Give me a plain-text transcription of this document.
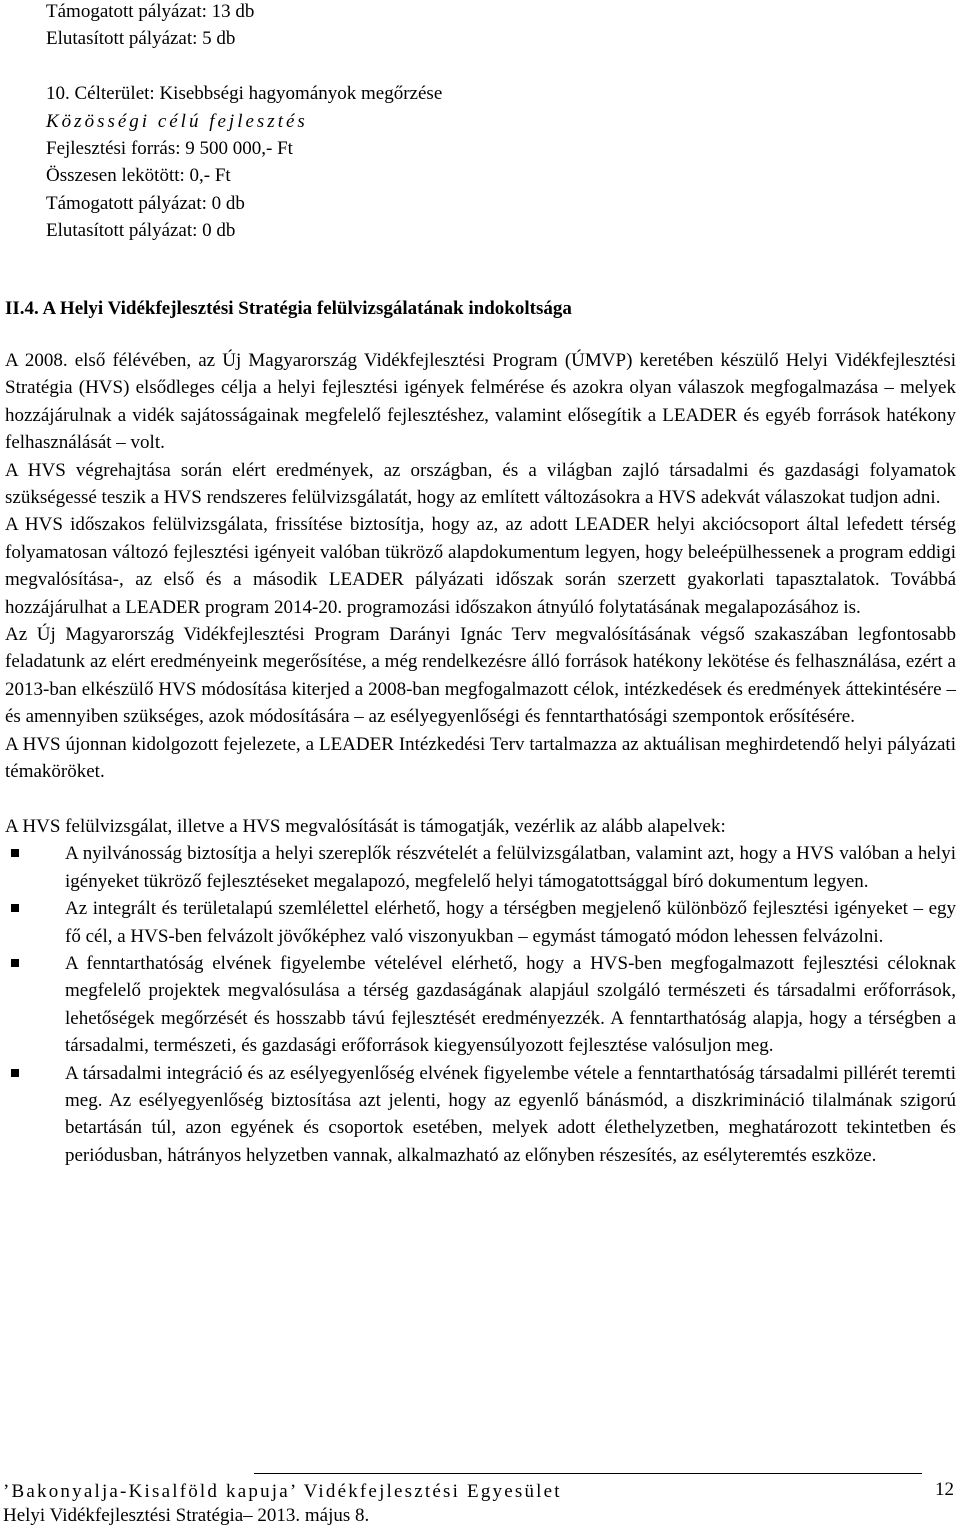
Támogatott pályázat: 13 db
Elutasított pályázat: 5 db
10. Célterület: Kisebbségi hagyományok megőrzése
Közösségi célú fejlesztés
Fejlesztési forrás: 9 500 000,- Ft
Összesen lekötött: 0,- Ft
Támogatott pályázat: 0 db
Elutasított pályázat: 0 db
II.4. A Helyi Vidékfejlesztési Stratégia felülvizsgálatának indokoltsága

A 2008. első félévében, az Új Magyarország Vidékfejlesztési Program (ÚMVP) keretében készülő Helyi Vidékfejlesztési Stratégia (HVS) elsődleges célja a helyi fejlesztési igények felmérése és azokra olyan válaszok megfogalmazása – melyek hozzájárulnak a vidék sajátosságainak megfelelő fejlesztéshez, valamint elősegítik a LEADER és egyéb források hatékony felhasználását – volt.

A HVS végrehajtása során elért eredmények, az országban, és a világban zajló társadalmi és gazdasági folyamatok szükségessé teszik a HVS rendszeres felülvizsgálatát, hogy az említett változásokra a HVS adekvát válaszokat tudjon adni.

A HVS időszakos felülvizsgálata, frissítése biztosítja, hogy az, az adott LEADER helyi akciócsoport által lefedett térség folyamatosan változó fejlesztési igényeit valóban tükröző alapdokumentum legyen, hogy beleépülhessenek a program eddigi megvalósítása-, az első és a második LEADER pályázati időszak során szerzett gyakorlati tapasztalatok. Továbbá hozzájárulhat a LEADER program 2014-20. programozási időszakon átnyúló folytatásának megalapozásához is.

Az Új Magyarország Vidékfejlesztési Program Darányi Ignác Terv megvalósításának végső szakaszában legfontosabb feladatunk az elért eredményeink megerősítése, a még rendelkezésre álló források hatékony lekötése és felhasználása, ezért a 2013-ban elkészülő HVS módosítása kiterjed a 2008-ban megfogalmazott célok, intézkedések és eredmények áttekintésére – és amennyiben szükséges, azok módosítására – az esélyegyenlőségi és fenntarthatósági szempontok erősítésére.

A HVS újonnan kidolgozott fejelezete, a LEADER Intézkedési Terv tartalmazza az aktuálisan meghirdetendő helyi pályázati témaköröket.

A HVS felülvizsgálat, illetve a HVS megvalósítását is támogatják, vezérlik az alább alapelvek:

A nyilvánosság biztosítja a helyi szereplők részvételét a felülvizsgálatban, valamint azt, hogy a HVS valóban a helyi igényeket tükröző fejlesztéseket megalapozó, megfelelő helyi támogatottsággal bíró dokumentum legyen.
Az integrált és területalapú szemlélettel elérhető, hogy a térségben megjelenő különböző fejlesztési igényeket – egy fő cél, a HVS-ben felvázolt jövőképhez való viszonyukban – egymást támogató módon lehessen felvázolni.
A fenntarthatóság elvének figyelembe vételével elérhető, hogy a HVS-ben megfogalmazott fejlesztési céloknak megfelelő projektek megvalósulása a térség gazdaságának alapjául szolgáló természeti és társadalmi erőforrások, lehetőségek megőrzését és hosszabb távú fejlesztését eredményezzék. A fenntarthatóság alapja, hogy a térségben a társadalmi, természeti, és gazdasági erőforrások kiegyensúlyozott fejlesztése valósuljon meg.
A társadalmi integráció és az esélyegyenlőség elvének figyelembe vétele a fenntarthatóság társadalmi pillérét teremti meg. Az esélyegyenlőség biztosítása azt jelenti, hogy az egyenlő bánásmód, a diszkrimináció tilalmának szigorú betartásán túl, azon egyének és csoportok esetében, melyek adott élethelyzetben, meghatározott tekintetben és periódusban, hátrányos helyzetben vannak, alkalmazható az előnyben részesítés, az esélyteremtés eszköze.
’Bakonyalja-Kisalföld kapuja’ Vidékfejlesztési Egyesület	12
Helyi Vidékfejlesztési Stratégia– 2013. május 8.
